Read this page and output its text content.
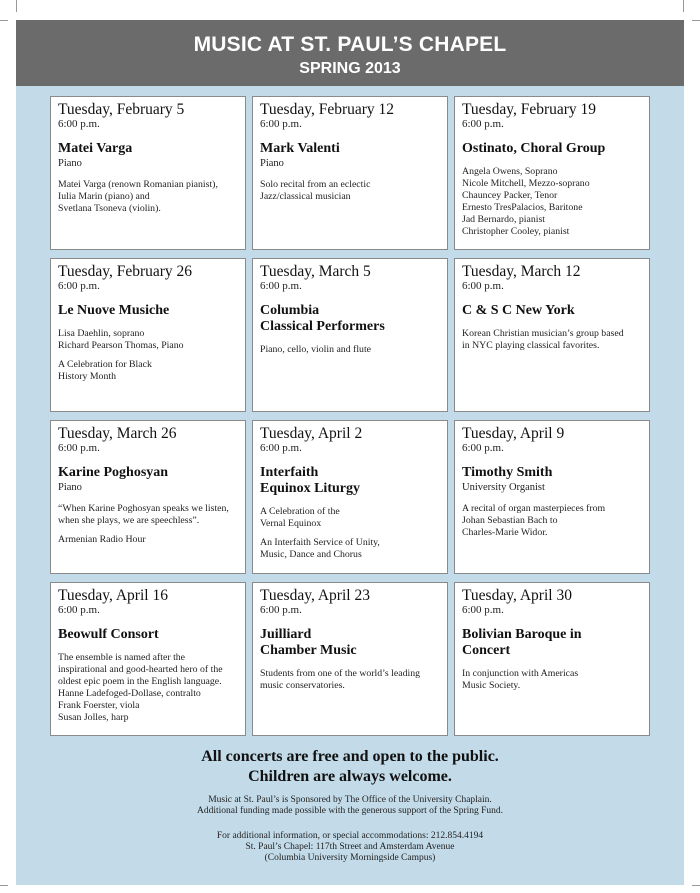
MUSIC AT ST. PAUL’S CHAPEL
SPRING 2013
Tuesday, February 5
6:00 p.m.
Matei Varga
Piano
Matei Varga (renown Romanian pianist),
Iulia Marin (piano) and
Svetlana Tsoneva (violin).
Tuesday, February 12
6:00 p.m.
Mark Valenti
Piano
Solo recital from an eclectic
Jazz/classical musician
Tuesday, February 19
6:00 p.m.
Ostinato, Choral Group
Angela Owens, Soprano
Nicole Mitchell, Mezzo-soprano
Chauncey Packer, Tenor
Ernesto TresPalacios, Baritone
Jad Bernardo, pianist
Christopher Cooley, pianist
Tuesday, February 26
6:00 p.m.
Le Nuove Musiche
Lisa Daehlin, soprano
Richard Pearson Thomas, Piano
A Celebration for Black
History Month
Tuesday, March 5
6:00 p.m.
Columbia
Classical Performers
Piano, cello, violin and flute
Tuesday, March 12
6:00 p.m.
C & S C New York
Korean Christian musician’s group based
in NYC playing classical favorites.
Tuesday, March 26
6:00 p.m.
Karine Poghosyan
Piano
“When Karine Poghosyan speaks we listen,
when she plays, we are speechless”.
Armenian Radio Hour
Tuesday, April 2
6:00 p.m.
Interfaith
Equinox Liturgy
A Celebration of the
Vernal Equinox
An Interfaith Service of Unity,
Music, Dance and Chorus
Tuesday, April 9
6:00 p.m.
Timothy Smith
University Organist
A recital of organ masterpieces from
Johan Sebastian Bach to
Charles-Marie Widor.
Tuesday, April 16
6:00 p.m.
Beowulf Consort
The ensemble is named after the
inspirational and good-hearted hero of the
oldest epic poem in the English language.
Hanne Ladefoged-Dollase, contralto
Frank Foerster, viola
Susan Jolles, harp
Tuesday, April 23
6:00 p.m.
Juilliard
Chamber Music
Students from one of the world’s leading
music conservatories.
Tuesday, April 30
6:00 p.m.
Bolivian Baroque in
Concert
In conjunction with Americas
Music Society.
All concerts are free and open to the public.
Children are always welcome.
Music at St. Paul’s is Sponsored by The Office of the University Chaplain.
Additional funding made possible with the generous support of the Spring Fund.
For additional information, or special accommodations: 212.854.4194
St. Paul’s Chapel: 117th Street and Amsterdam Avenue
(Columbia University Morningside Campus)
